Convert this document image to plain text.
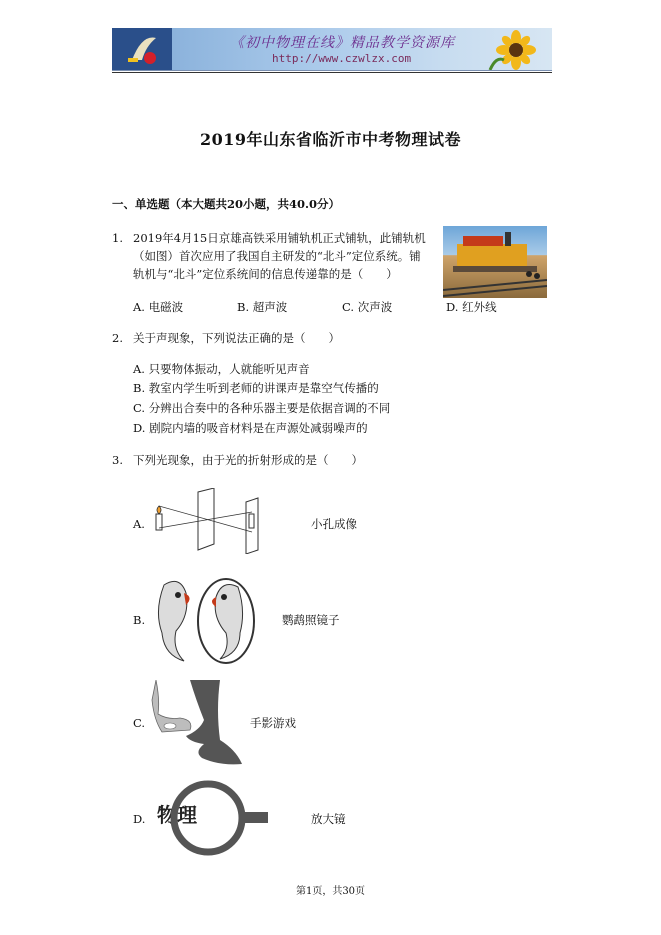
《初中物理在线》精品教学资源库
http://www.czwlzx.com
2019年山东省临沂市中考物理试卷
一、单选题（本大题共20小题，共40.0分）
1. 2019年4月15日京雄高铁采用铺轨机正式铺轨，此铺轨机
（如图）首次应用了我国自主研发的“北斗”定位系统。铺
轨机与“北斗”定位系统间的信息传递靠的是（　　）
A. 电磁波	B. 超声波	C. 次声波	D. 红外线
2. 关于声现象，下列说法正确的是（　　）
A. 只要物体振动，人就能听见声音
B. 教室内学生听到老师的讲课声是靠空气传播的
C. 分辨出合奏中的各种乐器主要是依据音调的不同
D. 剧院内墙的吸音材料是在声源处减弱噪声的
3. 下列光现象，由于光的折射形成的是（　　）
A.	小孔成像
B.	鹦鹉照镜子
C.	手影游戏
D. 物理	放大镜
第1页，共30页
